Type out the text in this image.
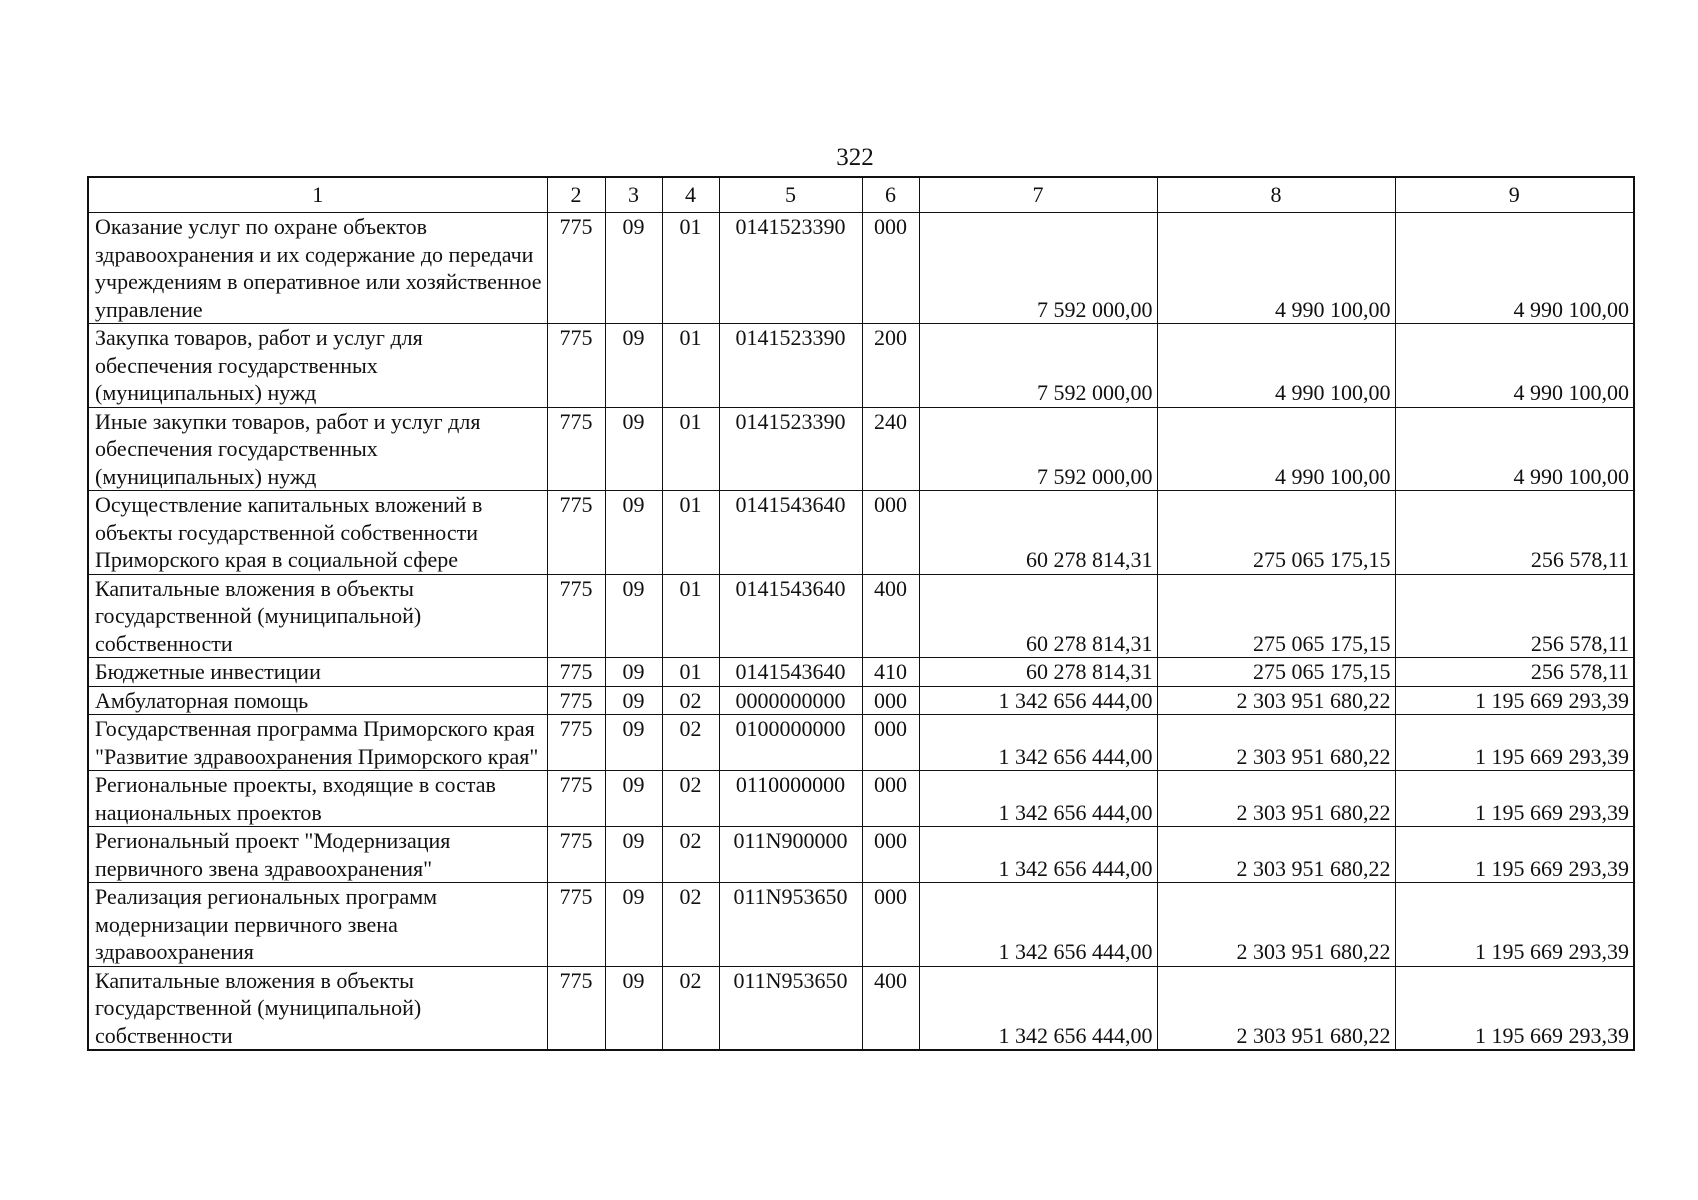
322
1	2	3	4	5	6	7	8	9
Оказание услуг по охране объектов здравоохранения и их содержание до передачи учреждениям в оперативное или хозяйственное управление	775	09	01	0141523390	000	7 592 000,00	4 990 100,00	4 990 100,00
Закупка товаров, работ и услуг для обеспечения государственных (муниципальных) нужд	775	09	01	0141523390	200	7 592 000,00	4 990 100,00	4 990 100,00
Иные закупки товаров, работ и услуг для обеспечения государственных (муниципальных) нужд	775	09	01	0141523390	240	7 592 000,00	4 990 100,00	4 990 100,00
Осуществление капитальных вложений в объекты государственной собственности Приморского края в социальной сфере	775	09	01	0141543640	000	60 278 814,31	275 065 175,15	256 578,11
Капитальные вложения в объекты государственной (муниципальной) собственности	775	09	01	0141543640	400	60 278 814,31	275 065 175,15	256 578,11
Бюджетные инвестиции	775	09	01	0141543640	410	60 278 814,31	275 065 175,15	256 578,11
Амбулаторная помощь	775	09	02	0000000000	000	1 342 656 444,00	2 303 951 680,22	1 195 669 293,39
Государственная программа Приморского края "Развитие здравоохранения Приморского края"	775	09	02	0100000000	000	1 342 656 444,00	2 303 951 680,22	1 195 669 293,39
Региональные проекты, входящие в состав национальных проектов	775	09	02	0110000000	000	1 342 656 444,00	2 303 951 680,22	1 195 669 293,39
Региональный проект "Модернизация первичного звена здравоохранения"	775	09	02	011N900000	000	1 342 656 444,00	2 303 951 680,22	1 195 669 293,39
Реализация региональных программ модернизации первичного звена здравоохранения	775	09	02	011N953650	000	1 342 656 444,00	2 303 951 680,22	1 195 669 293,39
Капитальные вложения в объекты государственной (муниципальной) собственности	775	09	02	011N953650	400	1 342 656 444,00	2 303 951 680,22	1 195 669 293,39
